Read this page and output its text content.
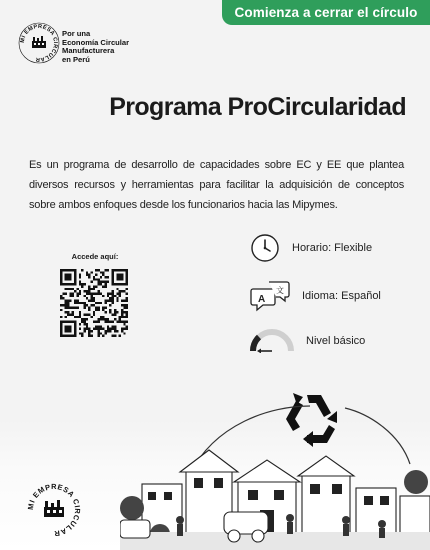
Comienza a cerrar el círculo
MI EMPRESA CIRCULAR
Por una
Economía Circular
Manufacturera
en Perú
Programa ProCircularidad
Es un programa de desarrollo de capacidades sobre EC y EE que plantea diversos recursos y herramientas para facilitar la adquisición de conceptos sobre ambos enfoques desde los funcionarios hacia las Mipymes.
Accede aquí:
Horario: Flexible
A
文 Idioma: Español
Nivel básico
MI EMPRESA CIRCULAR
